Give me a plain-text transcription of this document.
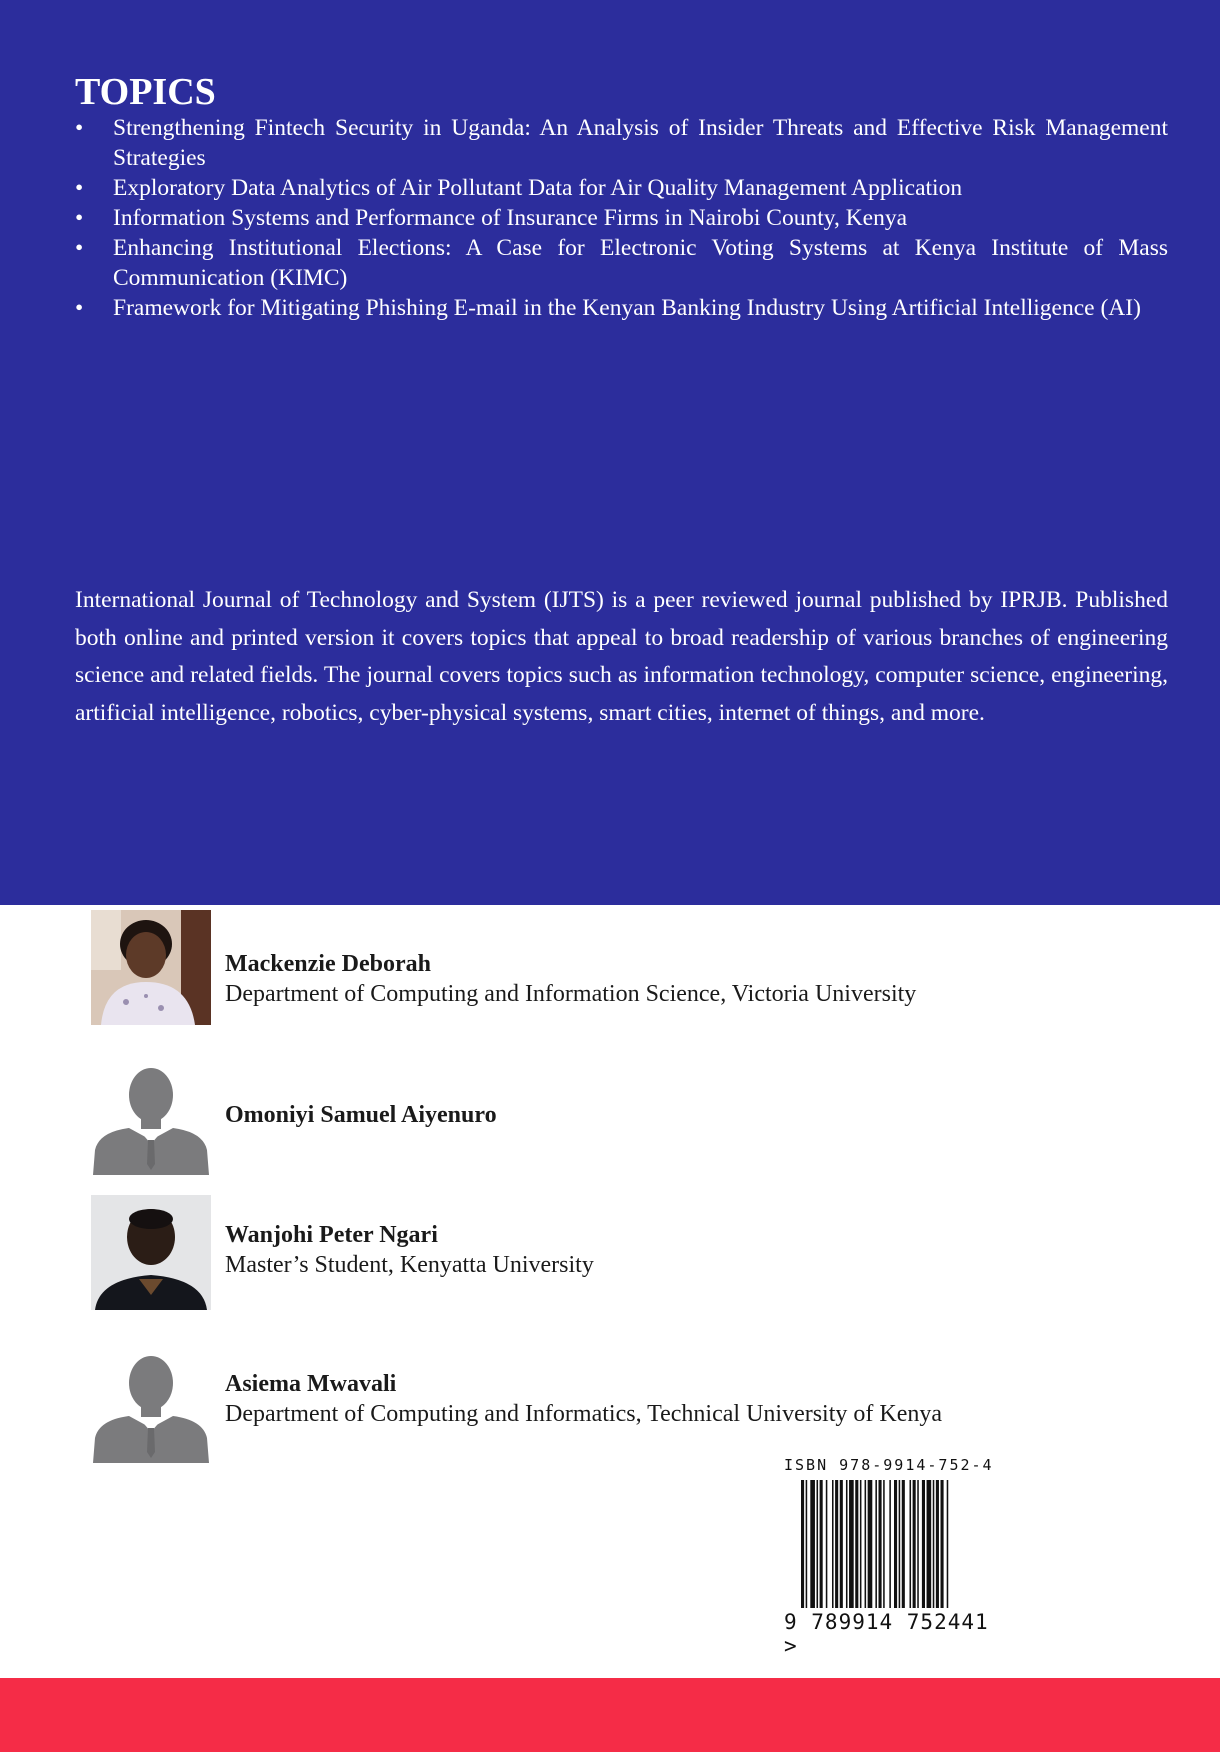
TOPICS
• Strengthening Fintech Security in Uganda: An Analysis of Insider Threats and Effective Risk Management Strategies
• Exploratory Data Analytics of Air Pollutant Data for Air Quality Management Application
• Information Systems and Performance of Insurance Firms in Nairobi County, Kenya
• Enhancing Institutional Elections: A Case for Electronic Voting Systems at Kenya Institute of Mass Communication (KIMC)
• Framework for Mitigating Phishing E-mail in the Kenyan Banking Industry Using Artificial Intelligence (AI)

International Journal of Technology and System (IJTS) is a peer reviewed journal published by IPRJB. Published both online and printed version it covers topics that appeal to broad readership of various branches of engineering science and related fields. The journal covers topics such as information technology, computer science, engineering, artificial intelligence, robotics, cyber-physical systems, smart cities, internet of things, and more.

Mackenzie Deborah
Department of Computing and Information Science, Victoria University
Omoniyi Samuel Aiyenuro
Wanjohi Peter Ngari
Master’s Student, Kenyatta University
Asiema Mwavali
Department of Computing and Informatics, Technical University of Kenya

ISBN 978-9914-752-4

9 789914 752441 >
